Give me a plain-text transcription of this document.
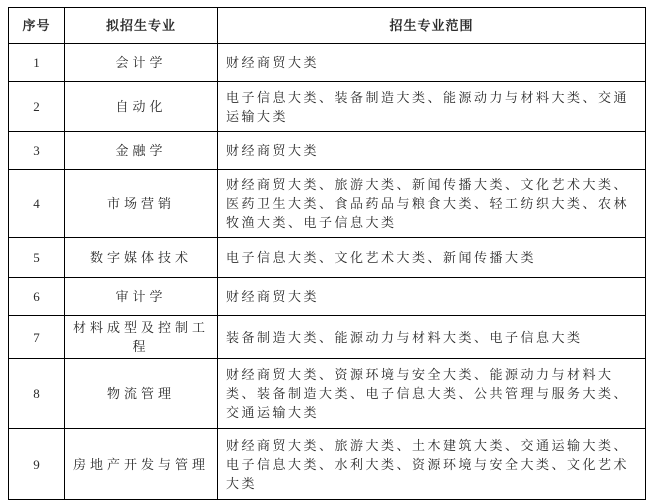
序号	拟招生专业	招生专业范围
1	会计学	财经商贸大类
2	自动化	电子信息大类、装备制造大类、能源动力与材料大类、交通运输大类
3	金融学	财经商贸大类
4	市场营销	财经商贸大类、旅游大类、新闻传播大类、文化艺术大类、医药卫生大类、食品药品与粮食大类、轻工纺织大类、农林牧渔大类、电子信息大类
5	数字媒体技术	电子信息大类、文化艺术大类、新闻传播大类
6	审计学	财经商贸大类
7	材料成型及控制工程	装备制造大类、能源动力与材料大类、电子信息大类
8	物流管理	财经商贸大类、资源环境与安全大类、能源动力与材料大类、装备制造大类、电子信息大类、公共管理与服务大类、交通运输大类
9	房地产开发与管理	财经商贸大类、旅游大类、土木建筑大类、交通运输大类、电子信息大类、水利大类、资源环境与安全大类、文化艺术大类
